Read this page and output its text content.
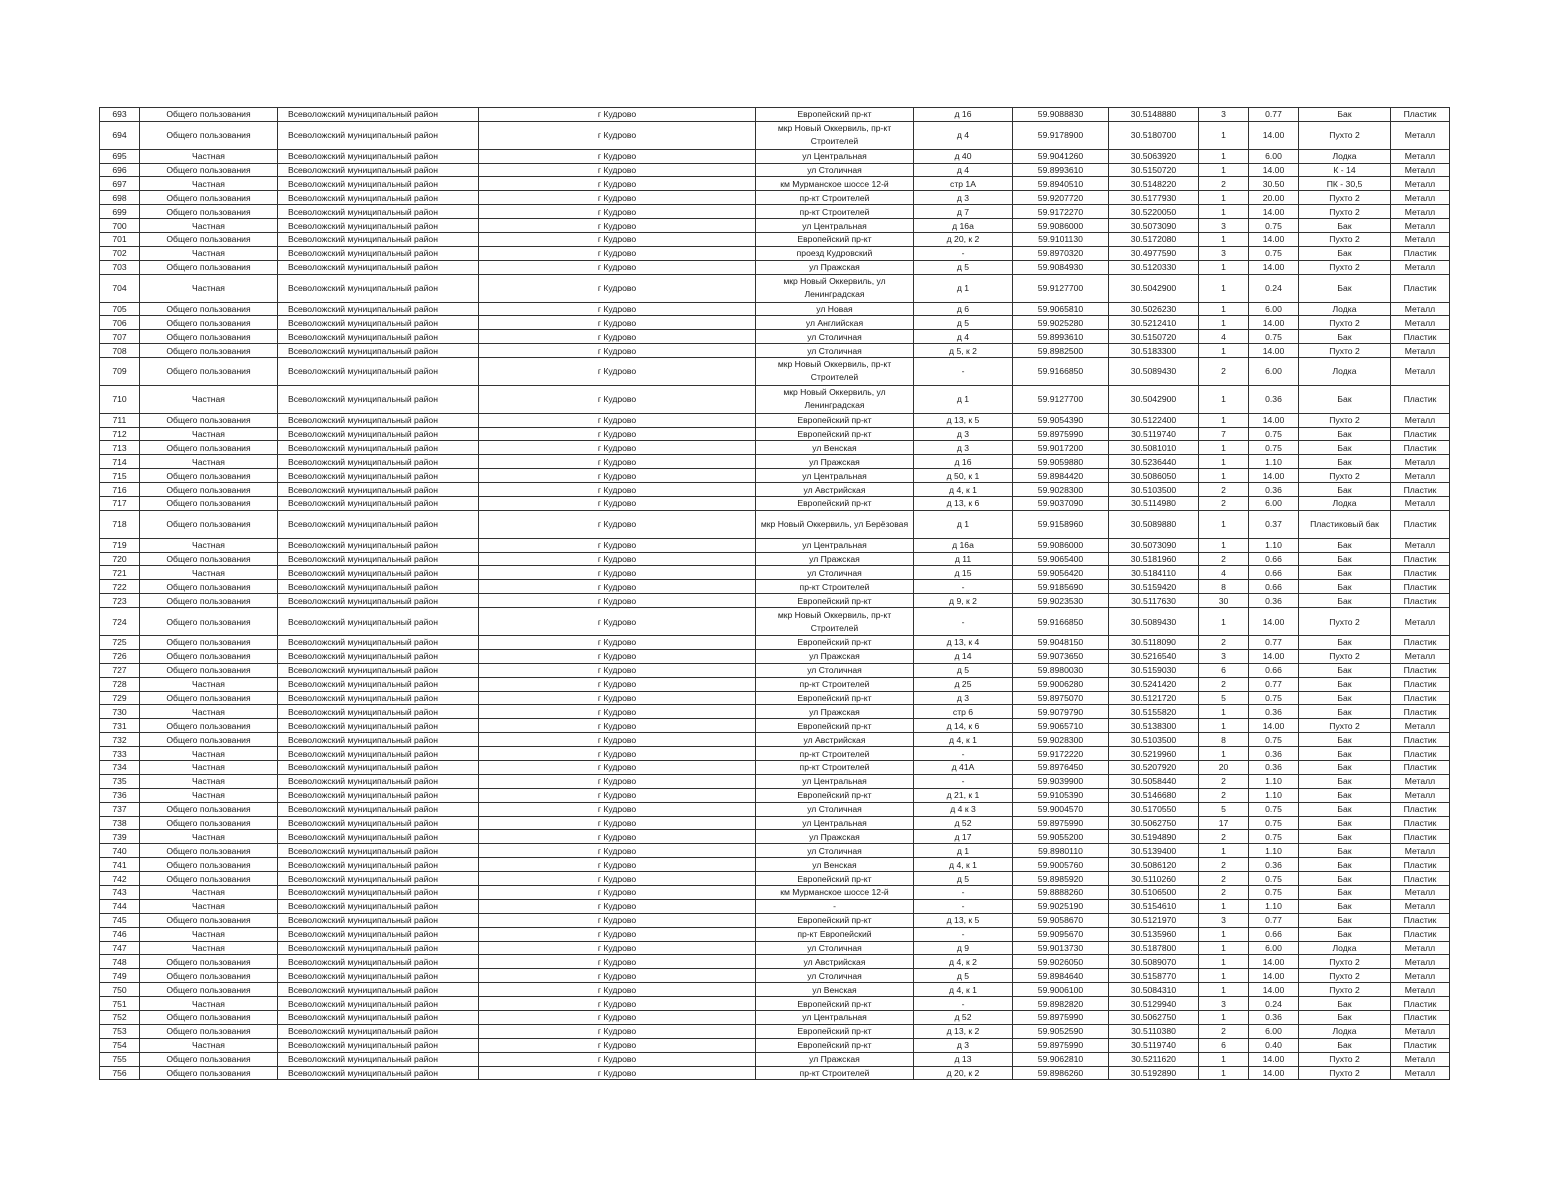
693	Общего пользования	Всеволожский муниципальный район	г Кудрово	Европейский пр-кт	д 16	59.9088830	30.5148880	3	0.77	Бак	Пластик
694	Общего пользования	Всеволожский муниципальный район	г Кудрово	мкр Новый Оккервиль, пр-кт Строителей	д 4	59.9178900	30.5180700	1	14.00	Пухто 2	Металл
695	Частная	Всеволожский муниципальный район	г Кудрово	ул Центральная	д 40	59.9041260	30.5063920	1	6.00	Лодка	Металл
696	Общего пользования	Всеволожский муниципальный район	г Кудрово	ул Столичная	д 4	59.8993610	30.5150720	1	14.00	К - 14	Металл
697	Частная	Всеволожский муниципальный район	г Кудрово	км Мурманское шоссе 12-й	стр 1А	59.8940510	30.5148220	2	30.50	ПК - 30,5	Металл
698	Общего пользования	Всеволожский муниципальный район	г Кудрово	пр-кт Строителей	д 3	59.9207720	30.5177930	1	20.00	Пухто 2	Металл
699	Общего пользования	Всеволожский муниципальный район	г Кудрово	пр-кт Строителей	д 7	59.9172270	30.5220050	1	14.00	Пухто 2	Металл
700	Частная	Всеволожский муниципальный район	г Кудрово	ул Центральная	д 16а	59.9086000	30.5073090	3	0.75	Бак	Металл
701	Общего пользования	Всеволожский муниципальный район	г Кудрово	Европейский пр-кт	д 20, к 2	59.9101130	30.5172080	1	14.00	Пухто 2	Металл
702	Частная	Всеволожский муниципальный район	г Кудрово	проезд Кудровский	-	59.8970320	30.4977590	3	0.75	Бак	Пластик
703	Общего пользования	Всеволожский муниципальный район	г Кудрово	ул Пражская	д 5	59.9084930	30.5120330	1	14.00	Пухто 2	Металл
704	Частная	Всеволожский муниципальный район	г Кудрово	мкр Новый Оккервиль, ул Ленинградская	д 1	59.9127700	30.5042900	1	0.24	Бак	Пластик
705	Общего пользования	Всеволожский муниципальный район	г Кудрово	ул Новая	д 6	59.9065810	30.5026230	1	6.00	Лодка	Металл
706	Общего пользования	Всеволожский муниципальный район	г Кудрово	ул Английская	д 5	59.9025280	30.5212410	1	14.00	Пухто 2	Металл
707	Общего пользования	Всеволожский муниципальный район	г Кудрово	ул Столичная	д 4	59.8993610	30.5150720	4	0.75	Бак	Пластик
708	Общего пользования	Всеволожский муниципальный район	г Кудрово	ул Столичная	д 5, к 2	59.8982500	30.5183300	1	14.00	Пухто 2	Металл
709	Общего пользования	Всеволожский муниципальный район	г Кудрово	мкр Новый Оккервиль, пр-кт Строителей	-	59.9166850	30.5089430	2	6.00	Лодка	Металл
710	Частная	Всеволожский муниципальный район	г Кудрово	мкр Новый Оккервиль, ул Ленинградская	д 1	59.9127700	30.5042900	1	0.36	Бак	Пластик
711	Общего пользования	Всеволожский муниципальный район	г Кудрово	Европейский пр-кт	д 13, к 5	59.9054390	30.5122400	1	14.00	Пухто 2	Металл
712	Частная	Всеволожский муниципальный район	г Кудрово	Европейский пр-кт	д 3	59.8975990	30.5119740	7	0.75	Бак	Пластик
713	Общего пользования	Всеволожский муниципальный район	г Кудрово	ул Венская	д 3	59.9017200	30.5081010	1	0.75	Бак	Пластик
714	Частная	Всеволожский муниципальный район	г Кудрово	ул Пражская	д 16	59.9059880	30.5236440	1	1.10	Бак	Металл
715	Общего пользования	Всеволожский муниципальный район	г Кудрово	ул Центральная	д 50, к 1	59.8984420	30.5086050	1	14.00	Пухто 2	Металл
716	Общего пользования	Всеволожский муниципальный район	г Кудрово	ул Австрийская	д 4, к 1	59.9028300	30.5103500	2	0.36	Бак	Пластик
717	Общего пользования	Всеволожский муниципальный район	г Кудрово	Европейский пр-кт	д 13, к 6	59.9037090	30.5114980	2	6.00	Лодка	Металл
718	Общего пользования	Всеволожский муниципальный район	г Кудрово	мкр Новый Оккервиль, ул Берёзовая	д 1	59.9158960	30.5089880	1	0.37	Пластиковый бак	Пластик
719	Частная	Всеволожский муниципальный район	г Кудрово	ул Центральная	д 16а	59.9086000	30.5073090	1	1.10	Бак	Металл
720	Общего пользования	Всеволожский муниципальный район	г Кудрово	ул Пражская	д 11	59.9065400	30.5181960	2	0.66	Бак	Пластик
721	Частная	Всеволожский муниципальный район	г Кудрово	ул Столичная	д 15	59.9056420	30.5184110	4	0.66	Бак	Пластик
722	Общего пользования	Всеволожский муниципальный район	г Кудрово	пр-кт Строителей	-	59.9185690	30.5159420	8	0.66	Бак	Пластик
723	Общего пользования	Всеволожский муниципальный район	г Кудрово	Европейский пр-кт	д 9, к 2	59.9023530	30.5117630	30	0.36	Бак	Пластик
724	Общего пользования	Всеволожский муниципальный район	г Кудрово	мкр Новый Оккервиль, пр-кт Строителей	-	59.9166850	30.5089430	1	14.00	Пухто 2	Металл
725	Общего пользования	Всеволожский муниципальный район	г Кудрово	Европейский пр-кт	д 13, к 4	59.9048150	30.5118090	2	0.77	Бак	Пластик
726	Общего пользования	Всеволожский муниципальный район	г Кудрово	ул Пражская	д 14	59.9073650	30.5216540	3	14.00	Пухто 2	Металл
727	Общего пользования	Всеволожский муниципальный район	г Кудрово	ул Столичная	д 5	59.8980030	30.5159030	6	0.66	Бак	Пластик
728	Частная	Всеволожский муниципальный район	г Кудрово	пр-кт Строителей	д 25	59.9006280	30.5241420	2	0.77	Бак	Пластик
729	Общего пользования	Всеволожский муниципальный район	г Кудрово	Европейский пр-кт	д 3	59.8975070	30.5121720	5	0.75	Бак	Пластик
730	Частная	Всеволожский муниципальный район	г Кудрово	ул Пражская	стр 6	59.9079790	30.5155820	1	0.36	Бак	Пластик
731	Общего пользования	Всеволожский муниципальный район	г Кудрово	Европейский пр-кт	д 14, к 6	59.9065710	30.5138300	1	14.00	Пухто 2	Металл
732	Общего пользования	Всеволожский муниципальный район	г Кудрово	ул Австрийская	д 4, к 1	59.9028300	30.5103500	8	0.75	Бак	Пластик
733	Частная	Всеволожский муниципальный район	г Кудрово	пр-кт Строителей	-	59.9172220	30.5219960	1	0.36	Бак	Пластик
734	Частная	Всеволожский муниципальный район	г Кудрово	пр-кт Строителей	д 41А	59.8976450	30.5207920	20	0.36	Бак	Пластик
735	Частная	Всеволожский муниципальный район	г Кудрово	ул Центральная	-	59.9039900	30.5058440	2	1.10	Бак	Металл
736	Частная	Всеволожский муниципальный район	г Кудрово	Европейский пр-кт	д 21, к 1	59.9105390	30.5146680	2	1.10	Бак	Металл
737	Общего пользования	Всеволожский муниципальный район	г Кудрово	ул Столичная	д 4 к 3	59.9004570	30.5170550	5	0.75	Бак	Пластик
738	Общего пользования	Всеволожский муниципальный район	г Кудрово	ул Центральная	д 52	59.8975990	30.5062750	17	0.75	Бак	Пластик
739	Частная	Всеволожский муниципальный район	г Кудрово	ул Пражская	д 17	59.9055200	30.5194890	2	0.75	Бак	Пластик
740	Общего пользования	Всеволожский муниципальный район	г Кудрово	ул Столичная	д 1	59.8980110	30.5139400	1	1.10	Бак	Металл
741	Общего пользования	Всеволожский муниципальный район	г Кудрово	ул Венская	д 4, к 1	59.9005760	30.5086120	2	0.36	Бак	Пластик
742	Общего пользования	Всеволожский муниципальный район	г Кудрово	Европейский пр-кт	д 5	59.8985920	30.5110260	2	0.75	Бак	Пластик
743	Частная	Всеволожский муниципальный район	г Кудрово	км Мурманское шоссе 12-й	-	59.8888260	30.5106500	2	0.75	Бак	Металл
744	Частная	Всеволожский муниципальный район	г Кудрово	-	-	59.9025190	30.5154610	1	1.10	Бак	Металл
745	Общего пользования	Всеволожский муниципальный район	г Кудрово	Европейский пр-кт	д 13, к 5	59.9058670	30.5121970	3	0.77	Бак	Пластик
746	Частная	Всеволожский муниципальный район	г Кудрово	пр-кт Европейский	-	59.9095670	30.5135960	1	0.66	Бак	Пластик
747	Частная	Всеволожский муниципальный район	г Кудрово	ул Столичная	д 9	59.9013730	30.5187800	1	6.00	Лодка	Металл
748	Общего пользования	Всеволожский муниципальный район	г Кудрово	ул Австрийская	д 4, к 2	59.9026050	30.5089070	1	14.00	Пухто 2	Металл
749	Общего пользования	Всеволожский муниципальный район	г Кудрово	ул Столичная	д 5	59.8984640	30.5158770	1	14.00	Пухто 2	Металл
750	Общего пользования	Всеволожский муниципальный район	г Кудрово	ул Венская	д 4, к 1	59.9006100	30.5084310	1	14.00	Пухто 2	Металл
751	Частная	Всеволожский муниципальный район	г Кудрово	Европейский пр-кт	-	59.8982820	30.5129940	3	0.24	Бак	Пластик
752	Общего пользования	Всеволожский муниципальный район	г Кудрово	ул Центральная	д 52	59.8975990	30.5062750	1	0.36	Бак	Пластик
753	Общего пользования	Всеволожский муниципальный район	г Кудрово	Европейский пр-кт	д 13, к 2	59.9052590	30.5110380	2	6.00	Лодка	Металл
754	Частная	Всеволожский муниципальный район	г Кудрово	Европейский пр-кт	д 3	59.8975990	30.5119740	6	0.40	Бак	Пластик
755	Общего пользования	Всеволожский муниципальный район	г Кудрово	ул Пражская	д 13	59.9062810	30.5211620	1	14.00	Пухто 2	Металл
756	Общего пользования	Всеволожский муниципальный район	г Кудрово	пр-кт Строителей	д 20, к 2	59.8986260	30.5192890	1	14.00	Пухто 2	Металл
